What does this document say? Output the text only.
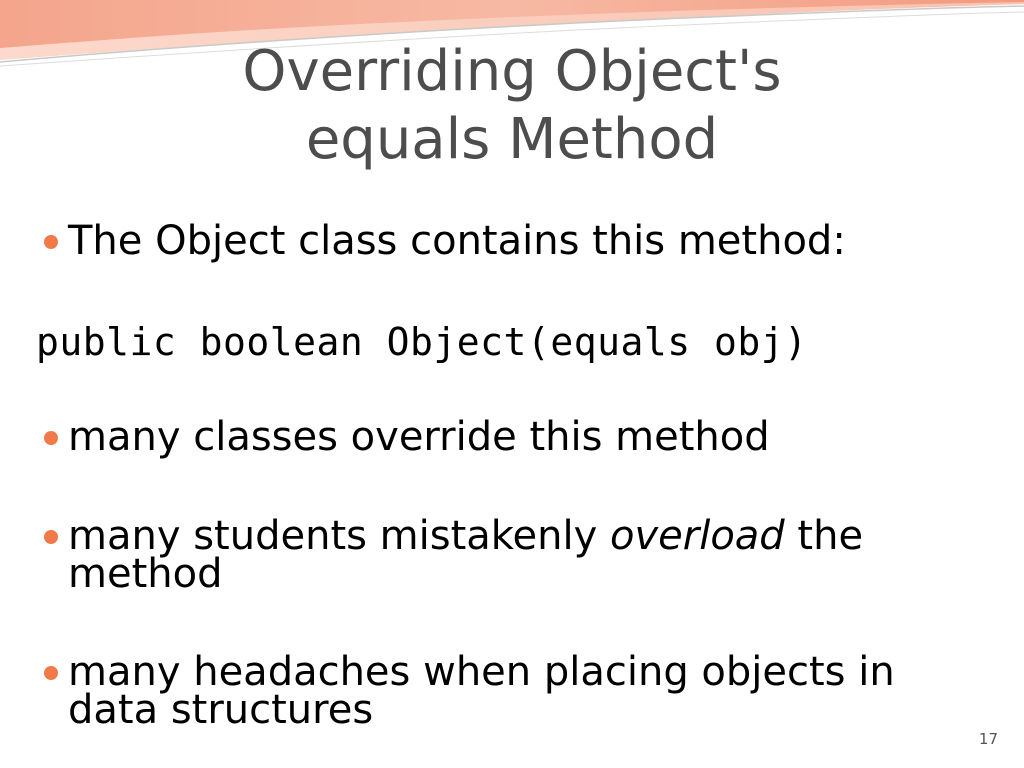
Overriding Object's
equals Method
The Object class contains this method:
public boolean Object(equals obj)
many classes override this method
many students mistakenly overload the
method
many headaches when placing objects in
data structures
17
